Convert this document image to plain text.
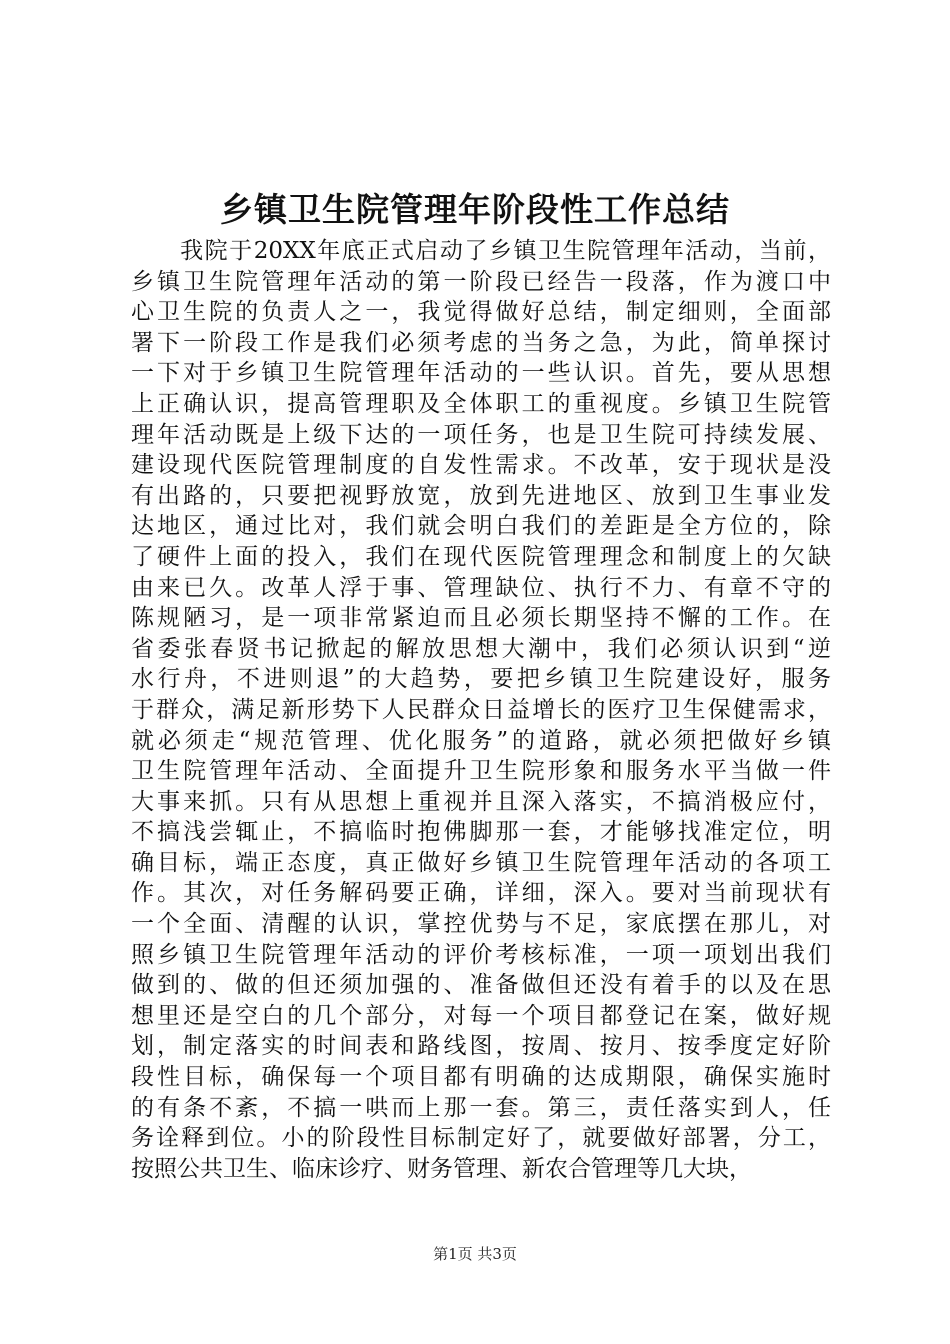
乡镇卫生院管理年阶段性工作总结
　　我院于20XX年底正式启动了乡镇卫生院管理年活动，当前，
乡镇卫生院管理年活动的第一阶段已经告一段落，作为渡口中
心卫生院的负责人之一，我觉得做好总结，制定细则，全面部
署下一阶段工作是我们必须考虑的当务之急，为此，简单探讨
一下对于乡镇卫生院管理年活动的一些认识。首先，要从思想
上正确认识，提高管理职及全体职工的重视度。乡镇卫生院管
理年活动既是上级下达的一项任务，也是卫生院可持续发展、
建设现代医院管理制度的自发性需求。不改革，安于现状是没
有出路的，只要把视野放宽，放到先进地区、放到卫生事业发
达地区，通过比对，我们就会明白我们的差距是全方位的，除
了硬件上面的投入，我们在现代医院管理理念和制度上的欠缺
由来已久。改革人浮于事、管理缺位、执行不力、有章不守的
陈规陋习，是一项非常紧迫而且必须长期坚持不懈的工作。在
省委张春贤书记掀起的解放思想大潮中，我们必须认识到“逆
水行舟，不进则退”的大趋势，要把乡镇卫生院建设好，服务
于群众，满足新形势下人民群众日益增长的医疗卫生保健需求，
就必须走“规范管理、优化服务”的道路，就必须把做好乡镇
卫生院管理年活动、全面提升卫生院形象和服务水平当做一件
大事来抓。只有从思想上重视并且深入落实，不搞消极应付，
不搞浅尝辄止，不搞临时抱佛脚那一套，才能够找准定位，明
确目标，端正态度，真正做好乡镇卫生院管理年活动的各项工
作。其次，对任务解码要正确，详细，深入。要对当前现状有
一个全面、清醒的认识，掌控优势与不足，家底摆在那儿，对
照乡镇卫生院管理年活动的评价考核标准，一项一项划出我们
做到的、做的但还须加强的、准备做但还没有着手的以及在思
想里还是空白的几个部分，对每一个项目都登记在案，做好规
划，制定落实的时间表和路线图，按周、按月、按季度定好阶
段性目标，确保每一个项目都有明确的达成期限，确保实施时
的有条不紊，不搞一哄而上那一套。第三，责任落实到人，任
务诠释到位。小的阶段性目标制定好了，就要做好部署，分工，
按照公共卫生、临床诊疗、财务管理、新农合管理等几大块，
第1页 共3页
